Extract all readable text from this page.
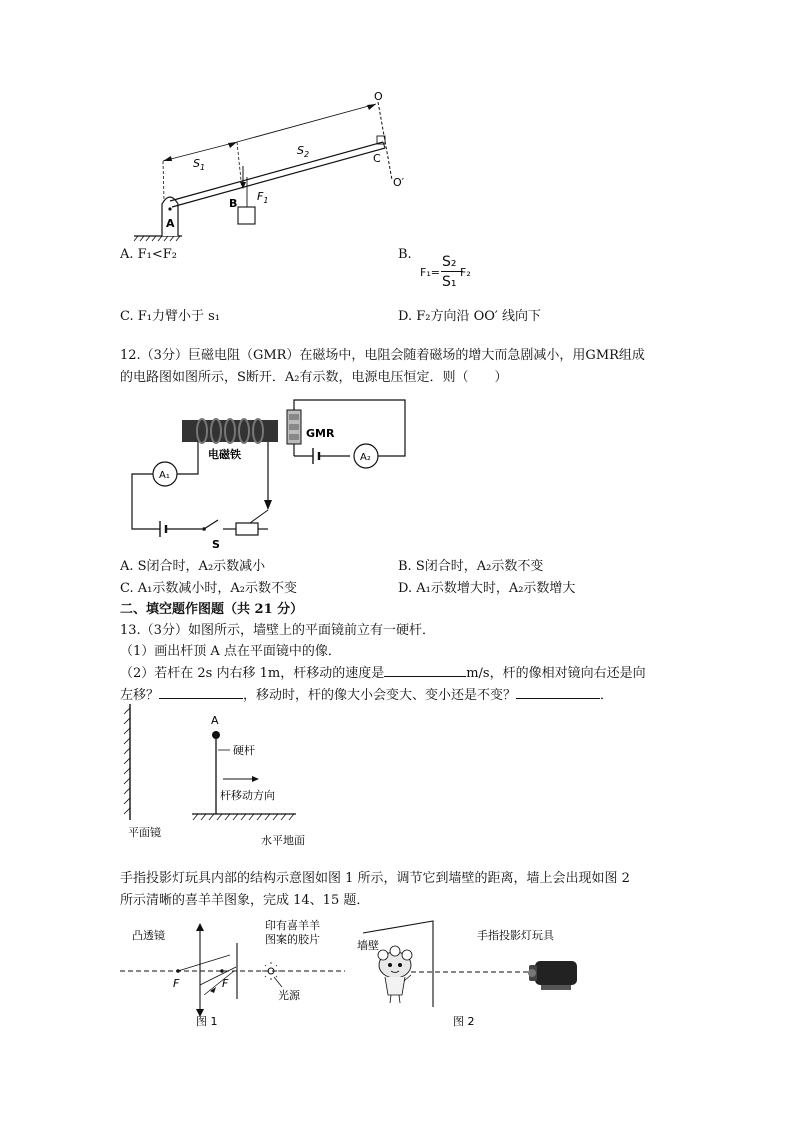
O
C
O′
A
B
$S_1$
$S_2$
$F_1$
A. F₁<F₂	B.
F₁=
S₂
S₁
F₂
C. F₁力臂小于 s₁	D. F₂方向沿 OO′ 线向下
12.（3分）巨磁电阻（GMR）在磁场中，电阻会随着磁场的增大而急剧减小，用GMR组成
的电路图如图所示，S断开．A₂有示数，电源电压恒定．则（　　）
GMR
电磁铁
A₁
A₂
S
A. S闭合时，A₂示数减小	B. S闭合时，A₂示数不变
C. A₁示数减小时，A₂示数不变	D. A₁示数增大时，A₂示数增大
二、填空题作图题（共 21 分）
13.（3分）如图所示，墙壁上的平面镜前立有一硬杆．
（1）画出杆顶 A 点在平面镜中的像．
（2）若杆在 2s 内右移 1m，杆移动的速度是	m/s，杆的像相对镜向右还是向
左移？	，移动时，杆的像大小会变大、变小还是不变？	．
A
硬杆
杆移动方向
平面镜
水平地面
手指投影灯玩具内部的结构示意图如图 1 所示，调节它到墙壁的距离，墙上会出现如图 2
所示清晰的喜羊羊图象，完成 14、15 题．
凸透镜
印有喜羊羊
图案的胶片
F	F
光源
图 1
墙壁
手指投影灯玩具
图 2
